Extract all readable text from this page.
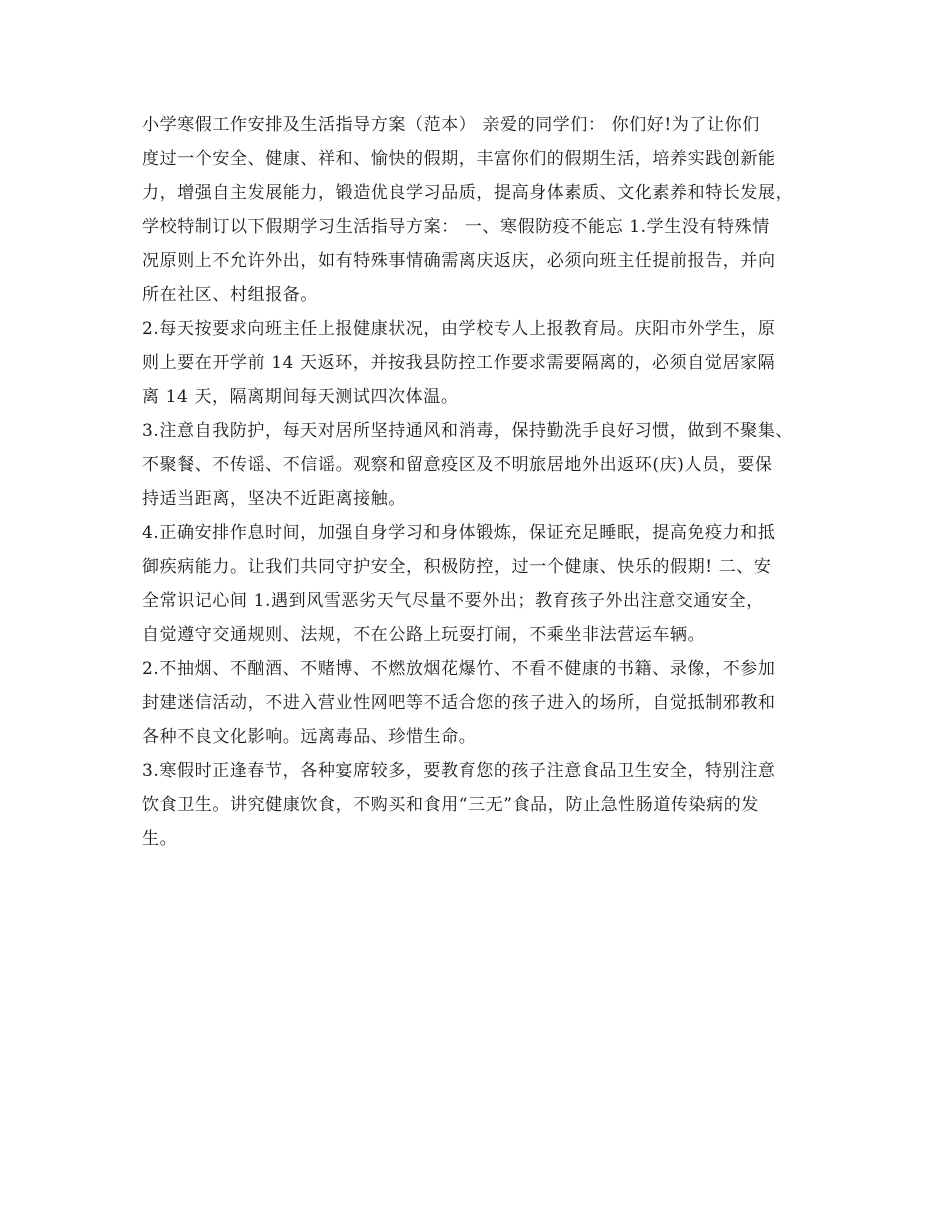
小学寒假工作安排及生活指导方案（范本） 亲爱的同学们： 你们好!为了让你们
度过一个安全、健康、祥和、愉快的假期，丰富你们的假期生活，培养实践创新能
力，增强自主发展能力，锻造优良学习品质，提高身体素质、文化素养和特长发展，
学校特制订以下假期学习生活指导方案： 一、寒假防疫不能忘 1.学生没有特殊情
况原则上不允许外出，如有特殊事情确需离庆返庆，必须向班主任提前报告，并向
所在社区、村组报备。
2.每天按要求向班主任上报健康状况，由学校专人上报教育局。庆阳市外学生，原
则上要在开学前 14 天返环，并按我县防控工作要求需要隔离的，必须自觉居家隔
离 14 天，隔离期间每天测试四次体温。
3.注意自我防护，每天对居所坚持通风和消毒，保持勤洗手良好习惯，做到不聚集、
不聚餐、不传谣、不信谣。观察和留意疫区及不明旅居地外出返环(庆)人员，要保
持适当距离，坚决不近距离接触。
4.正确安排作息时间，加强自身学习和身体锻炼，保证充足睡眠，提高免疫力和抵
御疾病能力。让我们共同守护安全，积极防控，过一个健康、快乐的假期! 二、安
全常识记心间 1.遇到风雪恶劣天气尽量不要外出；教育孩子外出注意交通安全，
自觉遵守交通规则、法规，不在公路上玩耍打闹，不乘坐非法营运车辆。
2.不抽烟、不酗酒、不赌博、不燃放烟花爆竹、不看不健康的书籍、录像，不参加
封建迷信活动，不进入营业性网吧等不适合您的孩子进入的场所，自觉抵制邪教和
各种不良文化影响。远离毒品、珍惜生命。
3.寒假时正逢春节，各种宴席较多，要教育您的孩子注意食品卫生安全，特别注意
饮食卫生。讲究健康饮食，不购买和食用“三无”食品，防止急性肠道传染病的发
生。
